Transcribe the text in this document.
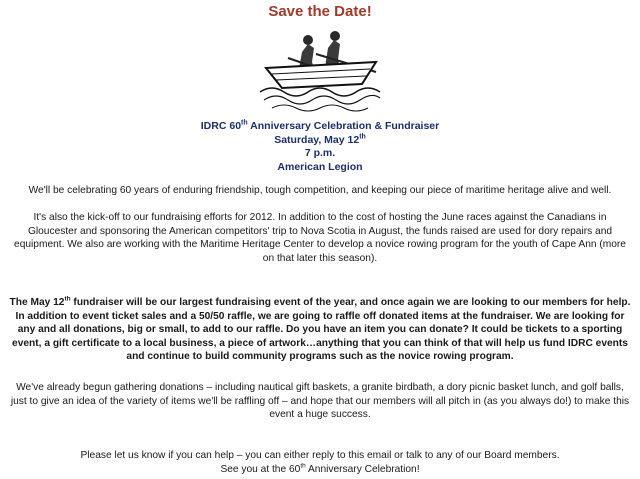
Save the Date!
IDRC 60th Anniversary Celebration & Fundraiser
Saturday, May 12th
7 p.m.
American Legion
We'll be celebrating 60 years of enduring friendship, tough competition, and keeping our piece of maritime heritage alive and well.
It's also the kick-off to our fundraising efforts for 2012. In addition to the cost of hosting the June races against the Canadians in Gloucester and sponsoring the American competitors' trip to Nova Scotia in August, the funds raised are used for dory repairs and equipment. We also are working with the Maritime Heritage Center to develop a novice rowing program for the youth of Cape Ann (more on that later this season).
The May 12th fundraiser will be our largest fundraising event of the year, and once again we are looking to our members for help. In addition to event ticket sales and a 50/50 raffle, we are going to raffle off donated items at the fundraiser. We are looking for any and all donations, big or small, to add to our raffle. Do you have an item you can donate? It could be tickets to a sporting event, a gift certificate to a local business, a piece of artwork…anything that you can think of that will help us fund IDRC events and continue to build community programs such as the novice rowing program.
We've already begun gathering donations – including nautical gift baskets, a granite birdbath, a dory picnic basket lunch, and golf balls, just to give an idea of the variety of items we'll be raffling off – and hope that our members will all pitch in (as you always do!) to make this event a huge success.
Please let us know if you can help – you can either reply to this email or talk to any of our Board members.
See you at the 60th Anniversary Celebration!
